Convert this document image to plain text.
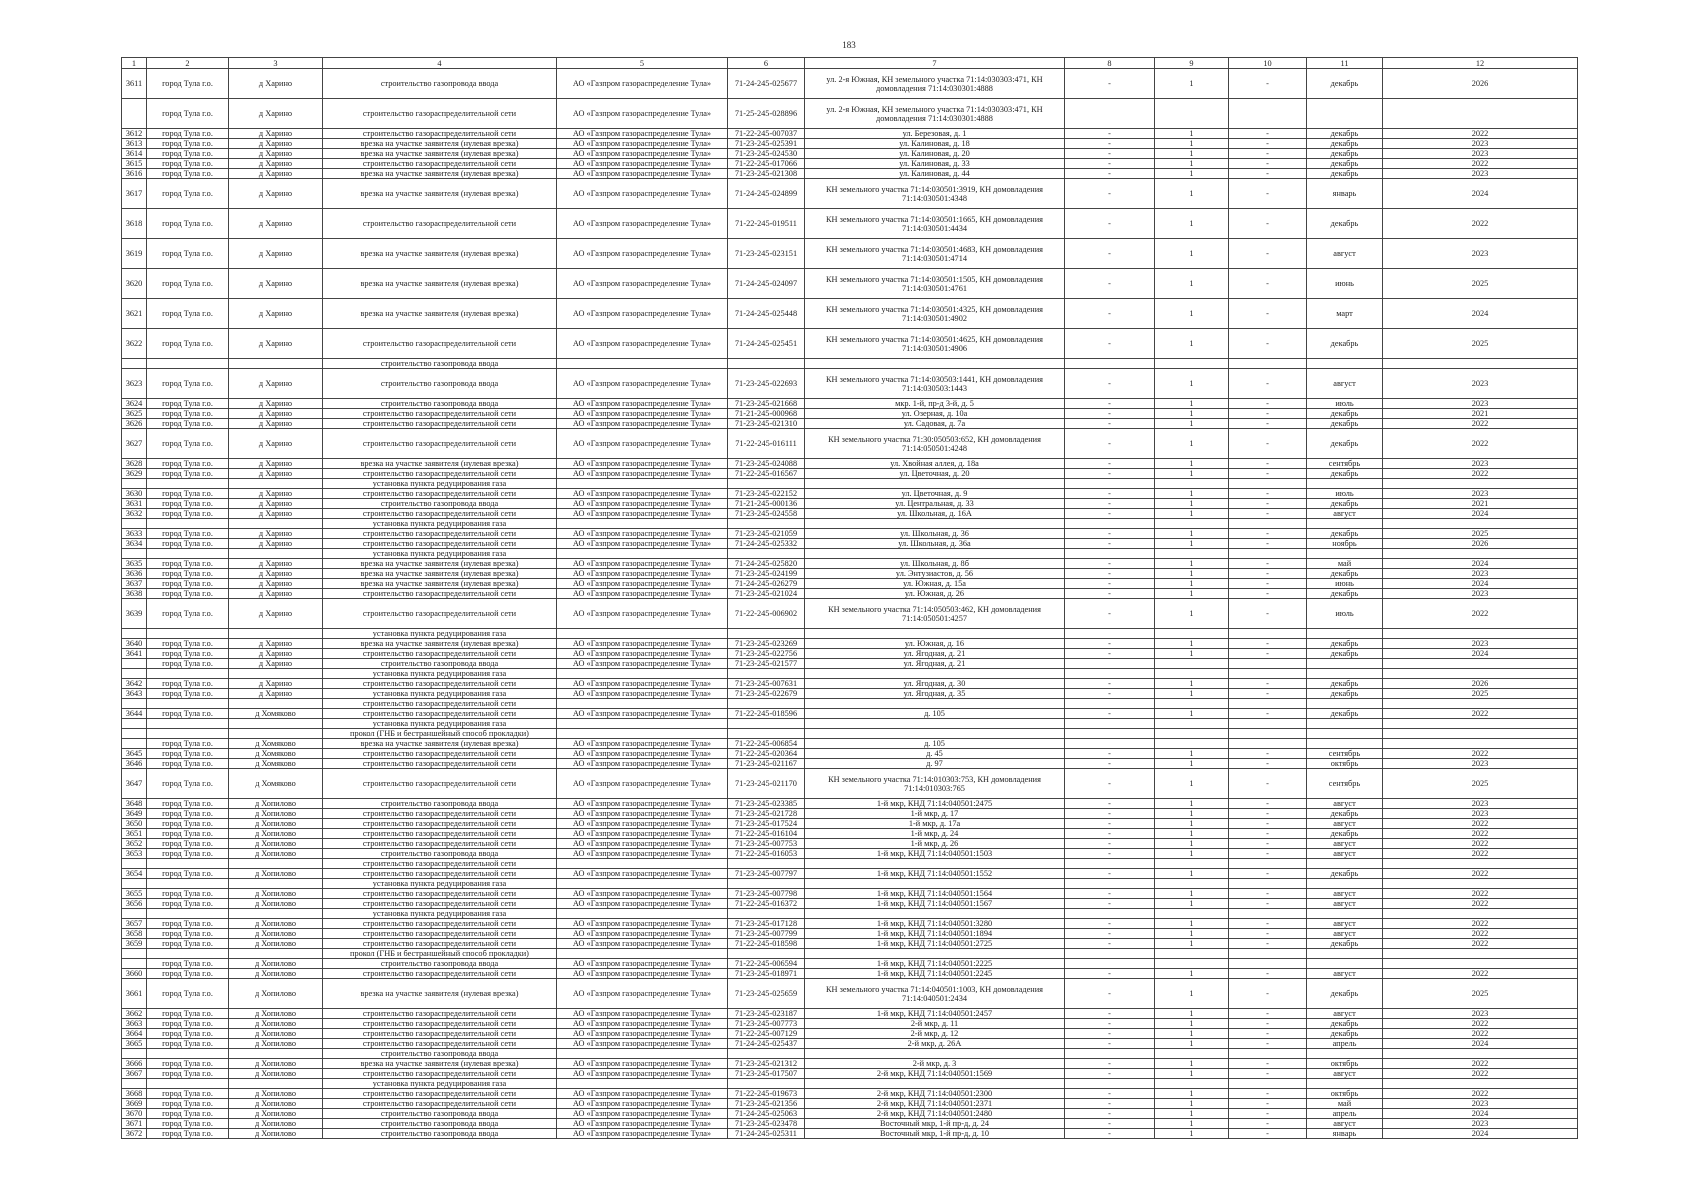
183
1	2	3	4	5	6	7	8	9	10	11	12
3611	город Тула г.о.	д Харино	строительство газопровода ввода	АО «Газпром газораспределение Тула»	71-24-245-025677	ул. 2-я Южная, КН земельного участка 71:14:030303:471, КН домовладения 71:14:030301:4888	-	1	-	декабрь	2026
	город Тула г.о.	д Харино	строительство газораспределительной сети	АО «Газпром газораспределение Тула»	71-25-245-028896	ул. 2-я Южная, КН земельного участка 71:14:030303:471, КН домовладения 71:14:030301:4888					
3612	город Тула г.о.	д Харино	строительство газораспределительной сети	АО «Газпром газораспределение Тула»	71-22-245-007037	ул. Березовая, д. 1	-	1	-	декабрь	2022
3613	город Тула г.о.	д Харино	врезка на участке заявителя (нулевая врезка)	АО «Газпром газораспределение Тула»	71-23-245-025391	ул. Калиновая, д. 18	-	1	-	декабрь	2023
3614	город Тула г.о.	д Харино	врезка на участке заявителя (нулевая врезка)	АО «Газпром газораспределение Тула»	71-23-245-024530	ул. Калиновая, д. 20	-	1	-	декабрь	2023
3615	город Тула г.о.	д Харино	строительство газораспределительной сети	АО «Газпром газораспределение Тула»	71-22-245-017066	ул. Калиновая, д. 33	-	1	-	декабрь	2022
3616	город Тула г.о.	д Харино	врезка на участке заявителя (нулевая врезка)	АО «Газпром газораспределение Тула»	71-23-245-021308	ул. Калиновая, д. 44	-	1	-	декабрь	2023
3617	город Тула г.о.	д Харино	врезка на участке заявителя (нулевая врезка)	АО «Газпром газораспределение Тула»	71-24-245-024899	КН земельного участка 71:14:030501:3919, КН домовладения 71:14:030501:4348	-	1	-	январь	2024
3618	город Тула г.о.	д Харино	строительство газораспределительной сети	АО «Газпром газораспределение Тула»	71-22-245-019511	КН земельного участка 71:14:030501:1665, КН домовладения 71:14:030501:4434	-	1	-	декабрь	2022
3619	город Тула г.о.	д Харино	врезка на участке заявителя (нулевая врезка)	АО «Газпром газораспределение Тула»	71-23-245-023151	КН земельного участка 71:14:030501:4683, КН домовладения 71:14:030501:4714	-	1	-	август	2023
3620	город Тула г.о.	д Харино	врезка на участке заявителя (нулевая врезка)	АО «Газпром газораспределение Тула»	71-24-245-024097	КН земельного участка 71:14:030501:1505, КН домовладения 71:14:030501:4761	-	1	-	июнь	2025
3621	город Тула г.о.	д Харино	врезка на участке заявителя (нулевая врезка)	АО «Газпром газораспределение Тула»	71-24-245-025448	КН земельного участка 71:14:030501:4325, КН домовладения 71:14:030501:4902	-	1	-	март	2024
3622	город Тула г.о.	д Харино	строительство газораспределительной сети	АО «Газпром газораспределение Тула»	71-24-245-025451	КН земельного участка 71:14:030501:4625, КН домовладения 71:14:030501:4906	-	1	-	декабрь	2025
			строительство газопровода ввода								
3623	город Тула г.о.	д Харино	строительство газопровода ввода	АО «Газпром газораспределение Тула»	71-23-245-022693	КН земельного участка 71:14:030503:1441, КН домовладения 71:14:030503:1443	-	1	-	август	2023
3624	город Тула г.о.	д Харино	строительство газопровода ввода	АО «Газпром газораспределение Тула»	71-23-245-021668	мкр. 1-й, пр-д 3-й, д. 5	-	1	-	июль	2023
3625	город Тула г.о.	д Харино	строительство газораспределительной сети	АО «Газпром газораспределение Тула»	71-21-245-000968	ул. Озерная, д. 10а	-	1	-	декабрь	2021
3626	город Тула г.о.	д Харино	строительство газораспределительной сети	АО «Газпром газораспределение Тула»	71-23-245-021310	ул. Садовая, д. 7а	-	1	-	декабрь	2022
3627	город Тула г.о.	д Харино	строительство газораспределительной сети	АО «Газпром газораспределение Тула»	71-22-245-016111	КН земельного участка 71:30:050503:652, КН домовладения 71:14:050501:4248	-	1	-	декабрь	2022
3628	город Тула г.о.	д Харино	врезка на участке заявителя (нулевая врезка)	АО «Газпром газораспределение Тула»	71-23-245-024088	ул. Хвойная аллея, д. 18а	-	1	-	сентябрь	2023
3629	город Тула г.о.	д Харино	строительство газораспределительной сети	АО «Газпром газораспределение Тула»	71-22-245-016567	ул. Цветочная, д. 20	-	1	-	декабрь	2022
			установка пункта редуцирования газа								
3630	город Тула г.о.	д Харино	строительство газораспределительной сети	АО «Газпром газораспределение Тула»	71-23-245-022152	ул. Цветочная, д. 9	-	1	-	июль	2023
3631	город Тула г.о.	д Харино	строительство газопровода ввода	АО «Газпром газораспределение Тула»	71-21-245-000136	ул. Центральная, д. 33	-	1	-	декабрь	2021
3632	город Тула г.о.	д Харино	строительство газораспределительной сети	АО «Газпром газораспределение Тула»	71-23-245-024558	ул. Школьная, д. 16А	-	1	-	август	2024
			установка пункта редуцирования газа								
3633	город Тула г.о.	д Харино	строительство газораспределительной сети	АО «Газпром газораспределение Тула»	71-23-245-021059	ул. Школьная, д. 36	-	1	-	декабрь	2025
3634	город Тула г.о.	д Харино	строительство газораспределительной сети	АО «Газпром газораспределение Тула»	71-24-245-025332	ул. Школьная, д. 36а	-	1	-	ноябрь	2026
			установка пункта редуцирования газа								
3635	город Тула г.о.	д Харино	врезка на участке заявителя (нулевая врезка)	АО «Газпром газораспределение Тула»	71-24-245-025820	ул. Школьная, д. 8б	-	1	-	май	2024
3636	город Тула г.о.	д Харино	врезка на участке заявителя (нулевая врезка)	АО «Газпром газораспределение Тула»	71-23-245-024199	ул. Энтузиастов, д. 56	-	1	-	декабрь	2023
3637	город Тула г.о.	д Харино	врезка на участке заявителя (нулевая врезка)	АО «Газпром газораспределение Тула»	71-24-245-026279	ул. Южная, д. 15а	-	1	-	июнь	2024
3638	город Тула г.о.	д Харино	строительство газораспределительной сети	АО «Газпром газораспределение Тула»	71-23-245-021024	ул. Южная, д. 26	-	1	-	декабрь	2023
3639	город Тула г.о.	д Харино	строительство газораспределительной сети	АО «Газпром газораспределение Тула»	71-22-245-006902	КН земельного участка 71:14:050503:462, КН домовладения 71:14:050501:4257	-	1	-	июль	2022
			установка пункта редуцирования газа								
3640	город Тула г.о.	д Харино	врезка на участке заявителя (нулевая врезка)	АО «Газпром газораспределение Тула»	71-23-245-023269	ул. Южная, д. 16	-	1	-	декабрь	2023
3641	город Тула г.о.	д Харино	строительство газораспределительной сети	АО «Газпром газораспределение Тула»	71-23-245-022756	ул. Ягодная, д. 21	-	1	-	декабрь	2024
	город Тула г.о.	д Харино	строительство газопровода ввода	АО «Газпром газораспределение Тула»	71-23-245-021577	ул. Ягодная, д. 21					
			установка пункта редуцирования газа								
3642	город Тула г.о.	д Харино	строительство газораспределительной сети	АО «Газпром газораспределение Тула»	71-23-245-007631	ул. Ягодная, д. 30	-	1	-	декабрь	2026
3643	город Тула г.о.	д Харино	установка пункта редуцирования газа	АО «Газпром газораспределение Тула»	71-23-245-022679	ул. Ягодная, д. 35	-	1	-	декабрь	2025
			строительство газораспределительной сети								
3644	город Тула г.о.	д Хомяково	строительство газораспределительной сети	АО «Газпром газораспределение Тула»	71-22-245-018596	д. 105	-	1	-	декабрь	2022
			установка пункта редуцирования газа								
			прокол (ГНБ и бестраншейный способ прокладки)								
	город Тула г.о.	д Хомяково	врезка на участке заявителя (нулевая врезка)	АО «Газпром газораспределение Тула»	71-22-245-006854	д. 105					
3645	город Тула г.о.	д Хомяково	строительство газораспределительной сети	АО «Газпром газораспределение Тула»	71-22-245-020364	д. 45	-	1	-	сентябрь	2022
3646	город Тула г.о.	д Хомяково	строительство газораспределительной сети	АО «Газпром газораспределение Тула»	71-23-245-021167	д. 97	-	1	-	октябрь	2023
3647	город Тула г.о.	д Хомяково	строительство газораспределительной сети	АО «Газпром газораспределение Тула»	71-23-245-021170	КН земельного участка 71:14:010303:753, КН домовладения 71:14:010303:765	-	1	-	сентябрь	2025
3648	город Тула г.о.	д Хопилово	строительство газопровода ввода	АО «Газпром газораспределение Тула»	71-23-245-023385	1-й мкр, КНД 71:14:040501:2475	-	1	-	август	2023
3649	город Тула г.о.	д Хопилово	строительство газораспределительной сети	АО «Газпром газораспределение Тула»	71-23-245-021728	1-й мкр, д. 17	-	1	-	декабрь	2023
3650	город Тула г.о.	д Хопилово	строительство газораспределительной сети	АО «Газпром газораспределение Тула»	71-23-245-017524	1-й мкр, д. 17а	-	1	-	август	2022
3651	город Тула г.о.	д Хопилово	строительство газораспределительной сети	АО «Газпром газораспределение Тула»	71-22-245-016104	1-й мкр, д. 24	-	1	-	декабрь	2022
3652	город Тула г.о.	д Хопилово	строительство газораспределительной сети	АО «Газпром газораспределение Тула»	71-23-245-007753	1-й мкр, д. 26	-	1	-	август	2022
3653	город Тула г.о.	д Хопилово	строительство газопровода ввода	АО «Газпром газораспределение Тула»	71-22-245-016053	1-й мкр, КНД 71:14:040501:1503	-	1	-	август	2022
			строительство газораспределительной сети								
3654	город Тула г.о.	д Хопилово	строительство газораспределительной сети	АО «Газпром газораспределение Тула»	71-23-245-007797	1-й мкр, КНД 71:14:040501:1552	-	1	-	декабрь	2022
			установка пункта редуцирования газа								
3655	город Тула г.о.	д Хопилово	строительство газораспределительной сети	АО «Газпром газораспределение Тула»	71-23-245-007798	1-й мкр, КНД 71:14:040501:1564	-	1	-	август	2022
3656	город Тула г.о.	д Хопилово	строительство газораспределительной сети	АО «Газпром газораспределение Тула»	71-22-245-016372	1-й мкр, КНД 71:14:040501:1567	-	1	-	август	2022
			установка пункта редуцирования газа								
3657	город Тула г.о.	д Хопилово	строительство газораспределительной сети	АО «Газпром газораспределение Тула»	71-23-245-017128	1-й мкр, КНД 71:14:040501:3280	-	1	-	август	2022
3658	город Тула г.о.	д Хопилово	строительство газораспределительной сети	АО «Газпром газораспределение Тула»	71-23-245-007799	1-й мкр, КНД 71:14:040501:1894	-	1	-	август	2022
3659	город Тула г.о.	д Хопилово	строительство газораспределительной сети	АО «Газпром газораспределение Тула»	71-22-245-018598	1-й мкр, КНД 71:14:040501:2725	-	1	-	декабрь	2022
			прокол (ГНБ и бестраншейный способ прокладки)								
	город Тула г.о.	д Хопилово	строительство газопровода ввода	АО «Газпром газораспределение Тула»	71-22-245-006594	1-й мкр, КНД 71:14:040501:2225					
3660	город Тула г.о.	д Хопилово	строительство газораспределительной сети	АО «Газпром газораспределение Тула»	71-23-245-018971	1-й мкр, КНД 71:14:040501:2245	-	1	-	август	2022
3661	город Тула г.о.	д Хопилово	врезка на участке заявителя (нулевая врезка)	АО «Газпром газораспределение Тула»	71-23-245-025659	КН земельного участка 71:14:040501:1003, КН домовладения 71:14:040501:2434	-	1	-	декабрь	2025
3662	город Тула г.о.	д Хопилово	строительство газораспределительной сети	АО «Газпром газораспределение Тула»	71-23-245-023187	1-й мкр, КНД 71:14:040501:2457	-	1	-	август	2023
3663	город Тула г.о.	д Хопилово	строительство газораспределительной сети	АО «Газпром газораспределение Тула»	71-23-245-007773	2-й мкр, д. 11	-	1	-	декабрь	2022
3664	город Тула г.о.	д Хопилово	строительство газораспределительной сети	АО «Газпром газораспределение Тула»	71-22-245-007129	2-й мкр, д. 12	-	1	-	декабрь	2022
3665	город Тула г.о.	д Хопилово	строительство газораспределительной сети	АО «Газпром газораспределение Тула»	71-24-245-025437	2-й мкр, д. 26А	-	1	-	апрель	2024
			строительство газопровода ввода								
3666	город Тула г.о.	д Хопилово	врезка на участке заявителя (нулевая врезка)	АО «Газпром газораспределение Тула»	71-23-245-021312	2-й мкр, д. 3	-	1	-	октябрь	2022
3667	город Тула г.о.	д Хопилово	строительство газораспределительной сети	АО «Газпром газораспределение Тула»	71-23-245-017507	2-й мкр, КНД 71:14:040501:1569	-	1	-	август	2022
			установка пункта редуцирования газа								
3668	город Тула г.о.	д Хопилово	строительство газораспределительной сети	АО «Газпром газораспределение Тула»	71-22-245-019673	2-й мкр, КНД 71:14:040501:2300	-	1	-	октябрь	2022
3669	город Тула г.о.	д Хопилово	строительство газораспределительной сети	АО «Газпром газораспределение Тула»	71-23-245-021356	2-й мкр, КНД 71:14:040501:2371	-	1	-	май	2023
3670	город Тула г.о.	д Хопилово	строительство газопровода ввода	АО «Газпром газораспределение Тула»	71-24-245-025063	2-й мкр, КНД 71:14:040501:2480	-	1	-	апрель	2024
3671	город Тула г.о.	д Хопилово	строительство газопровода ввода	АО «Газпром газораспределение Тула»	71-23-245-023478	Восточный мкр, 1-й пр-д, д. 24	-	1	-	август	2023
3672	город Тула г.о.	д Хопилово	строительство газопровода ввода	АО «Газпром газораспределение Тула»	71-24-245-025311	Восточный мкр, 1-й пр-д, д. 10	-	1	-	январь	2024
